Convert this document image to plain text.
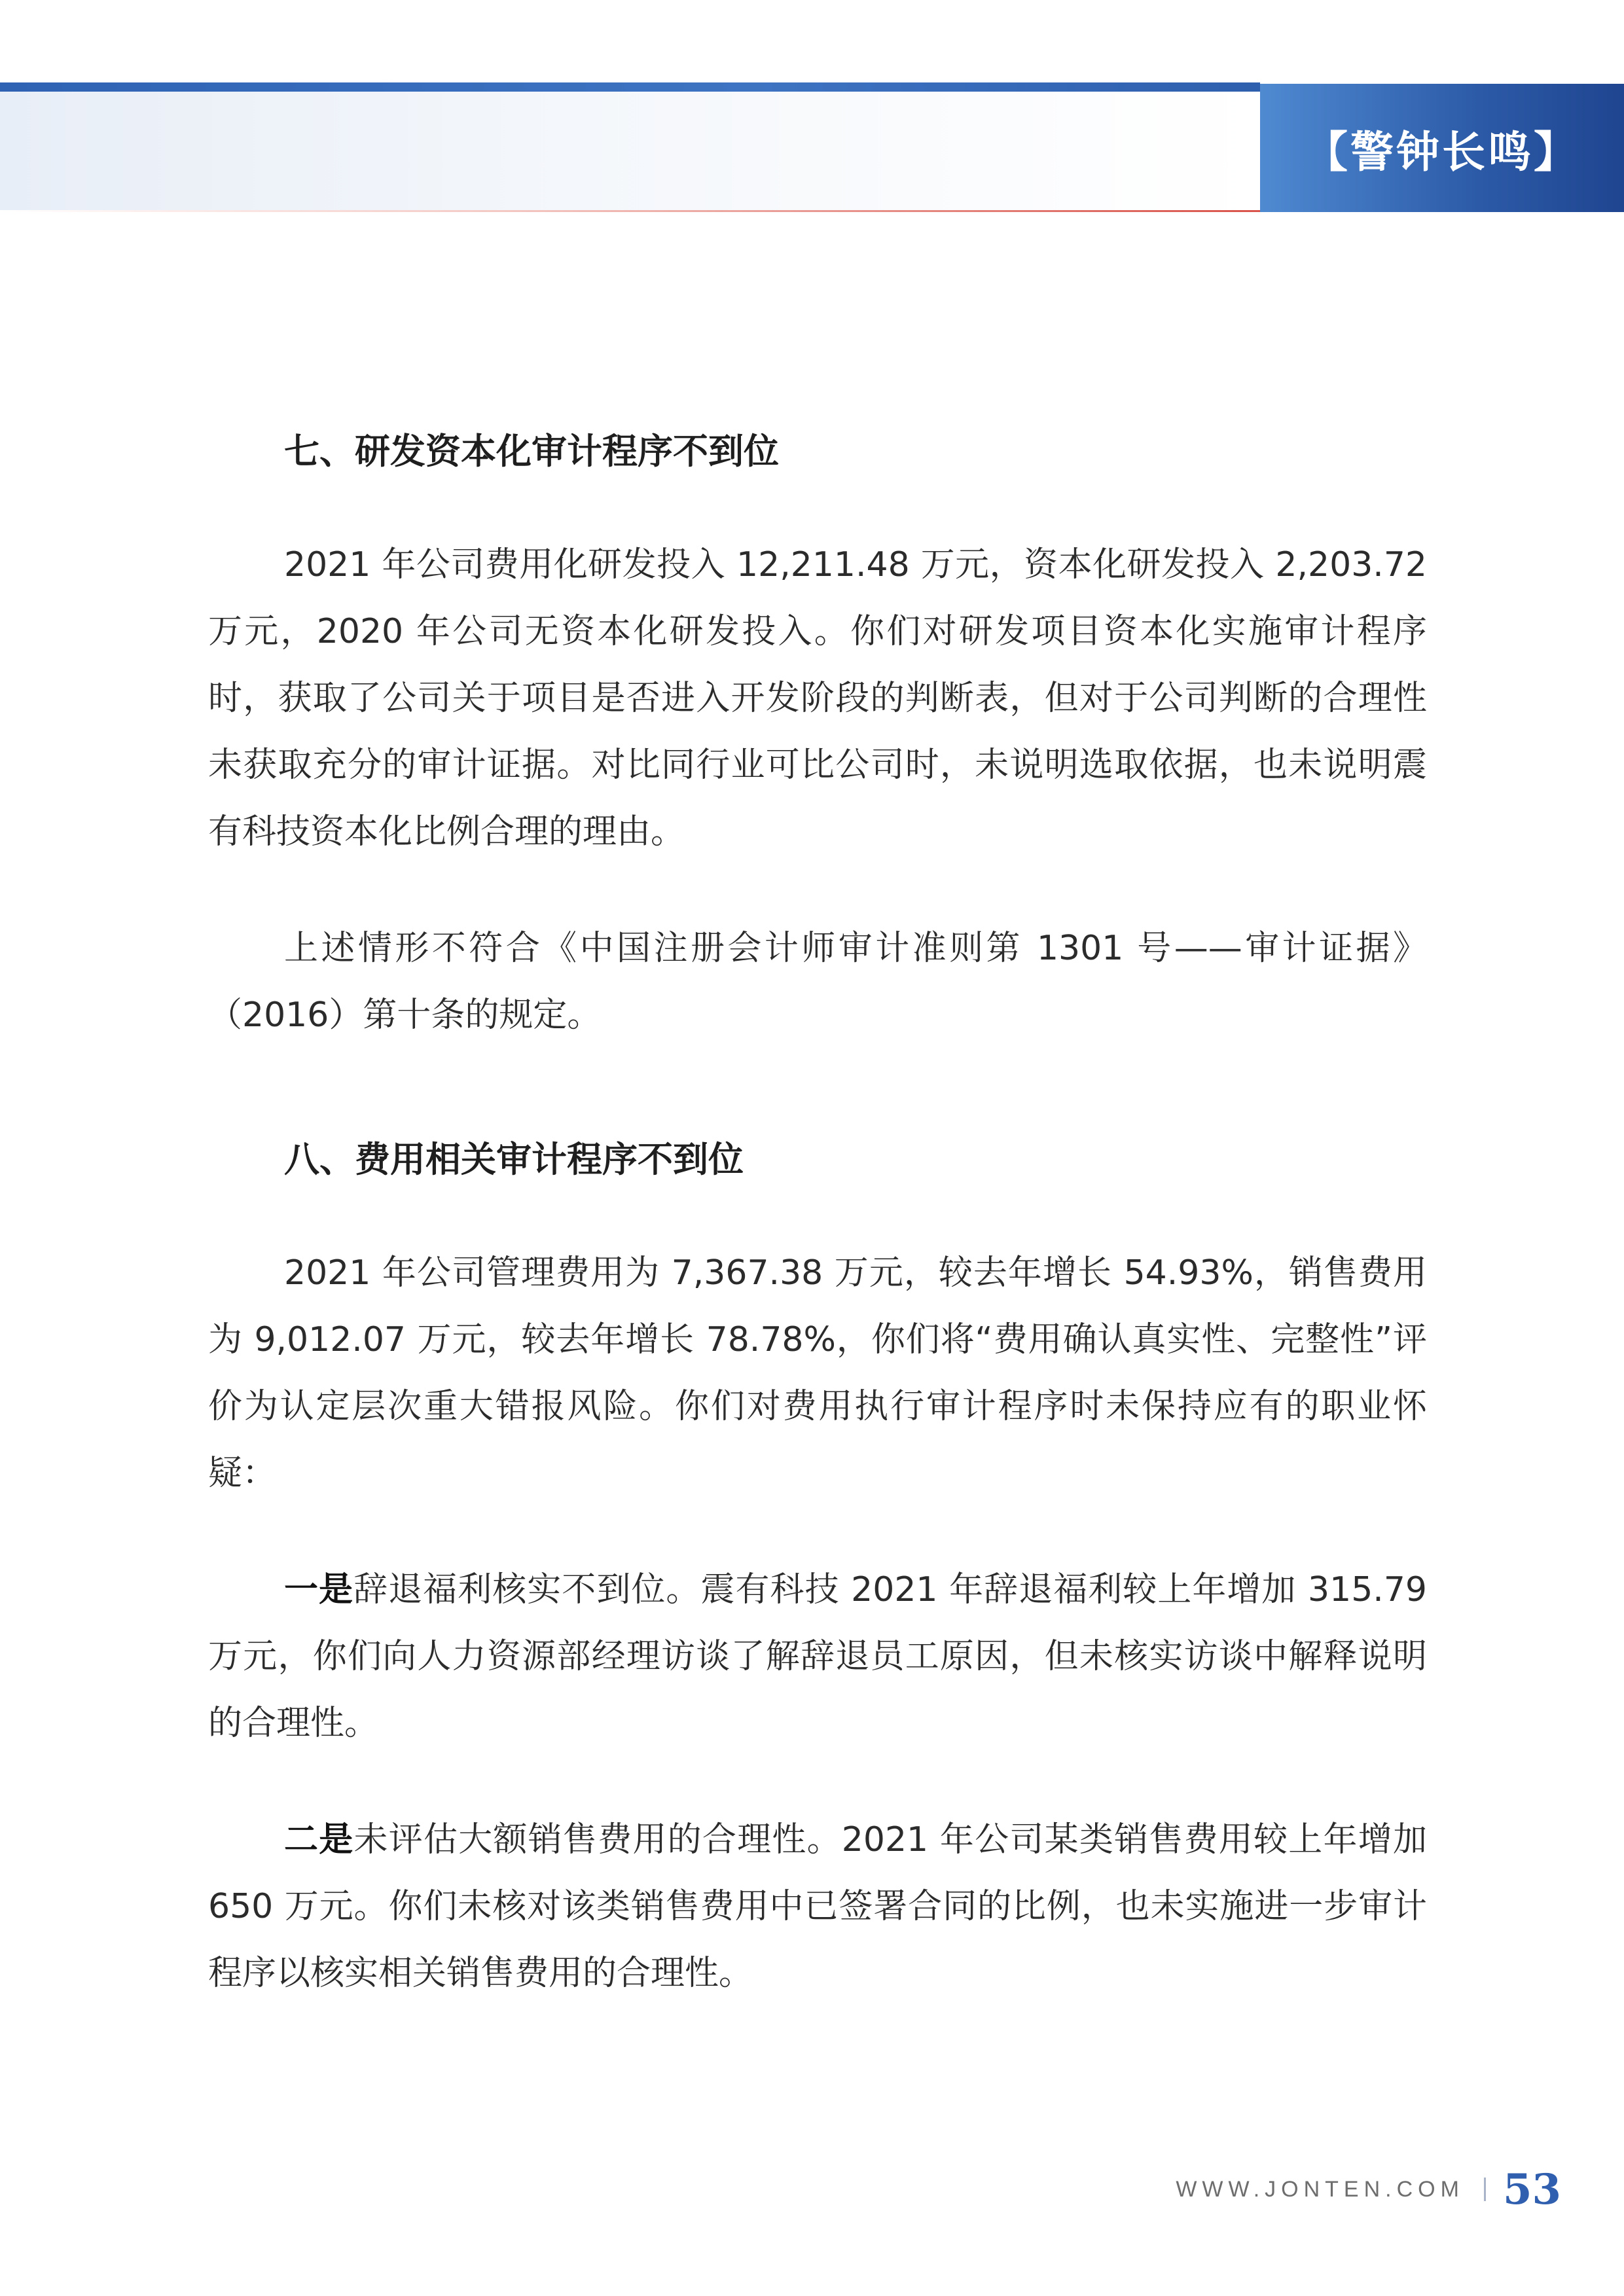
【警钟长鸣】
七、研发资本化审计程序不到位

2021 年公司费用化研发投入 12,211.48 万元，资本化研发投入 2,203.72 万元，2020 年公司无资本化研发投入。你们对研发项目资本化实施审计程序时，获取了公司关于项目是否进入开发阶段的判断表，但对于公司判断的合理性未获取充分的审计证据。对比同行业可比公司时，未说明选取依据，也未说明震有科技资本化比例合理的理由。

上述情形不符合《中国注册会计师审计准则第 1301 号——审计证据》（2016）第十条的规定。

八、费用相关审计程序不到位

2021 年公司管理费用为 7,367.38 万元，较去年增长 54.93%，销售费用为 9,012.07 万元，较去年增长 78.78%，你们将“费用确认真实性、完整性”评价为认定层次重大错报风险。你们对费用执行审计程序时未保持应有的职业怀疑：

一是辞退福利核实不到位。震有科技 2021 年辞退福利较上年增加 315.79 万元，你们向人力资源部经理访谈了解辞退员工原因，但未核实访谈中解释说明的合理性。

二是未评估大额销售费用的合理性。2021 年公司某类销售费用较上年增加 650 万元。你们未核对该类销售费用中已签署合同的比例，也未实施进一步审计程序以核实相关销售费用的合理性。

WWW.JONTEN.COM 53
